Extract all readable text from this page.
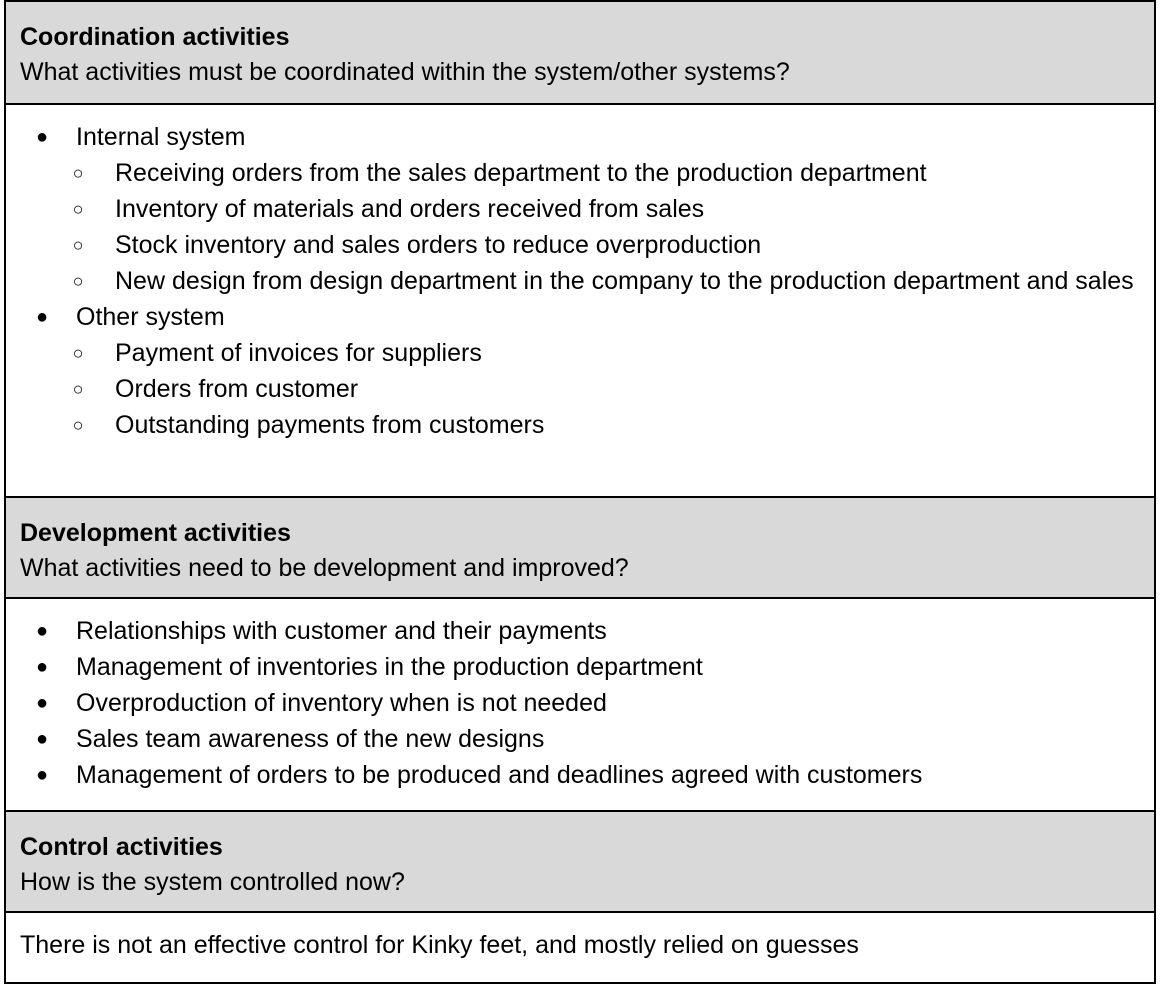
Coordination activities

What activities must be coordinated within the system/other systems?

● Internal system
○ Receiving orders from the sales department to the production department
○ Inventory of materials and orders received from sales
○ Stock inventory and sales orders to reduce overproduction
○ New design from design department in the company to the production department and sales
● Other system
○ Payment of invoices for suppliers
○ Orders from customer
○ Outstanding payments from customers

Development activities

What activities need to be development and improved?

● Relationships with customer and their payments
● Management of inventories in the production department
● Overproduction of inventory when is not needed
● Sales team awareness of the new designs
● Management of orders to be produced and deadlines agreed with customers

Control activities

How is the system controlled now?

There is not an effective control for Kinky feet, and mostly relied on guesses
